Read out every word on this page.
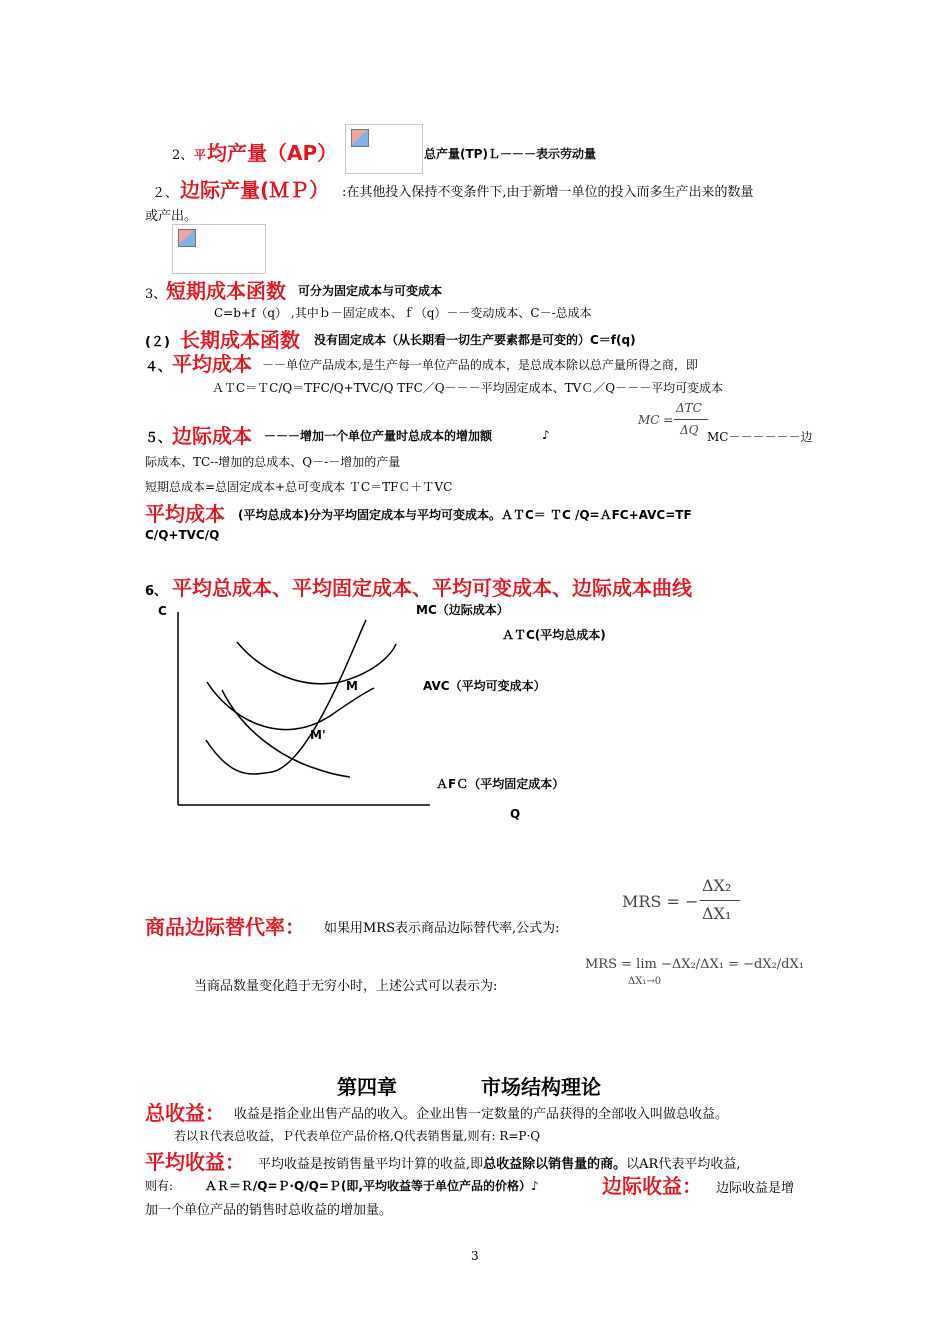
2、 平 均产量（AP）	总产量(TP)Ｌ－－－表示劳动量
２、 边际产量(ＭＰ） :在其他投入保持不变条件下,由于新增一单位的投入而多生产出来的数量
或产出。
3、 短期成本函数 可分为固定成本与可变成本
C=b+f（q） ,其中ｂ－固定成本、ｆ（q）－－变动成本、C－-总成本
(２) 长期成本函数 没有固定成本（从长期看一切生产要素都是可变的）C＝f(q)
４、 平均成本 －－单位产品成本,是生产每一单位产品的成本，是总成本除以总产量所得之商，即
ＡＴC＝ＴC/Q＝TFC/Q+TVC/Q TFC／Q－－－平均固定成本、TVＣ／Q－－－平均可变成本
５、 边际成本 －－－增加一个单位产量时总成本的增加额	♪
MC =
ΔTC
ΔQ MC－－－－－－边
际成本、TC--增加的总成本、Q－-－增加的产量
短期总成本=总固定成本+总可变成本 ＴC＝TFＣ＋ＴVC
平均成本 (平均总成本)分为平均固定成本与平均可变成本。ＡＴC＝ ＴC /Q=ＡFC+AVC=TF
C/Q+TVC/Q
6、 平均总成本、平均固定成本、平均可变成本、边际成本曲线
C
Q
MC（边际成本）
ＡＴC(平均总成本)
AVC（平均可变成本）
ＡFＣ（平均固定成本）
M
M'
MRS = −
ΔX₂
ΔX₁
商品边际替代率： 如果用MRS表示商品边际替代率,公式为:
当商品数量变化趋于无穷小时，上述公式可以表示为:
MRS = lim −ΔX₂/ΔX₁ = −dX₂/dX₁
ΔX₁→0
第四章	市场结构理论
总收益： 收益是指企业出售产品的收入。企业出售一定数量的产品获得的全部收入叫做总收益。
若以Ｒ代表总收益，Ｐ代表单位产品价格,Q代表销售量,则有: R=P·Q
平均收益： 平均收益是按销售量平均计算的收益,即总收益除以销售量的商。以AR代表平均收益,
则有: ＡＲ＝Ｒ/Q=Ｐ·Q/Q=Ｐ(即,平均收益等于单位产品的价格）♪	边际收益： 边际收益是增
加一个单位产品的销售时总收益的增加量。
3
